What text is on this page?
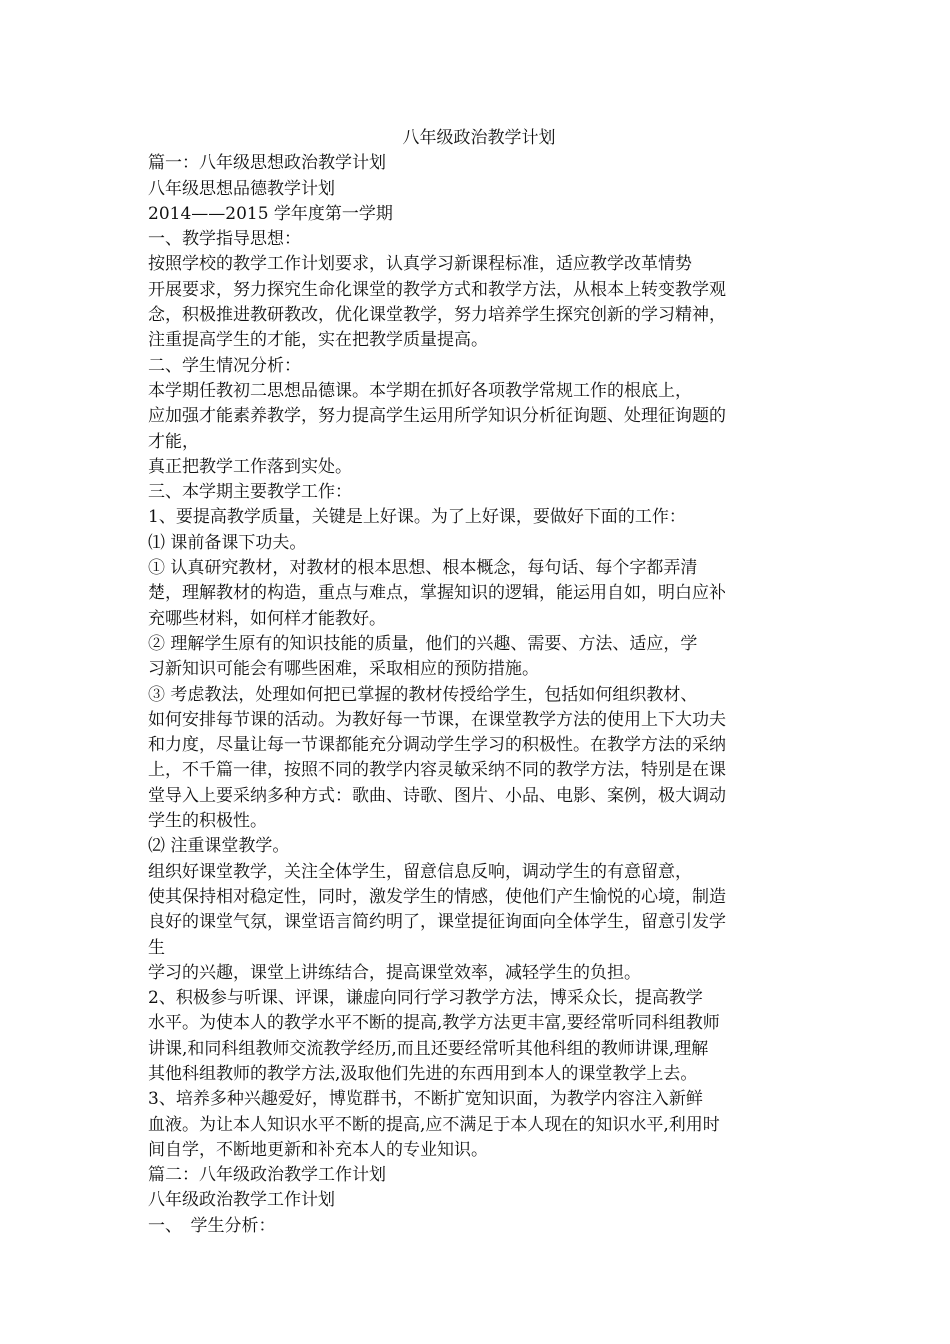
八年级政治教学计划
篇一：八年级思想政治教学计划
八年级思想品德教学计划
2014——2015 学年度第一学期
一、教学指导思想：
按照学校的教学工作计划要求，认真学习新课程标准，适应教学改革情势
开展要求，努力探究生命化课堂的教学方式和教学方法，从根本上转变教学观
念，积极推进教研教改，优化课堂教学，努力培养学生探究创新的学习精神，
注重提高学生的才能，实在把教学质量提高。
二、学生情况分析：
本学期任教初二思想品德课。本学期在抓好各项教学常规工作的根底上，
应加强才能素养教学，努力提高学生运用所学知识分析征询题、处理征询题的
才能，
真正把教学工作落到实处。
三、本学期主要教学工作：
1、要提高教学质量，关键是上好课。为了上好课，要做好下面的工作：
⑴ 课前备课下功夫。
① 认真研究教材，对教材的根本思想、根本概念，每句话、每个字都弄清
楚，理解教材的构造，重点与难点，掌握知识的逻辑，能运用自如，明白应补
充哪些材料，如何样才能教好。
② 理解学生原有的知识技能的质量，他们的兴趣、需要、方法、适应，学
习新知识可能会有哪些困难，采取相应的预防措施。
③ 考虑教法，处理如何把已掌握的教材传授给学生，包括如何组织教材、
如何安排每节课的活动。为教好每一节课，在课堂教学方法的使用上下大功夫
和力度，尽量让每一节课都能充分调动学生学习的积极性。在教学方法的采纳
上，不千篇一律，按照不同的教学内容灵敏采纳不同的教学方法，特别是在课
堂导入上要采纳多种方式：歌曲、诗歌、图片、小品、电影、案例，极大调动
学生的积极性。
⑵ 注重课堂教学。
组织好课堂教学，关注全体学生，留意信息反响，调动学生的有意留意，
使其保持相对稳定性，同时，激发学生的情感，使他们产生愉悦的心境，制造
良好的课堂气氛，课堂语言简约明了，课堂提征询面向全体学生，留意引发学
生
学习的兴趣，课堂上讲练结合，提高课堂效率，减轻学生的负担。
2、积极参与听课、评课，谦虚向同行学习教学方法，博采众长，提高教学
水平。为使本人的教学水平不断的提高,教学方法更丰富,要经常听同科组教师
讲课,和同科组教师交流教学经历,而且还要经常听其他科组的教师讲课,理解
其他科组教师的教学方法,汲取他们先进的东西用到本人的课堂教学上去。
3、培养多种兴趣爱好，博览群书，不断扩宽知识面，为教学内容注入新鲜
血液。为让本人知识水平不断的提高,应不满足于本人现在的知识水平,利用时
间自学，不断地更新和补充本人的专业知识。
篇二：八年级政治教学工作计划
八年级政治教学工作计划
一、　学生分析：
